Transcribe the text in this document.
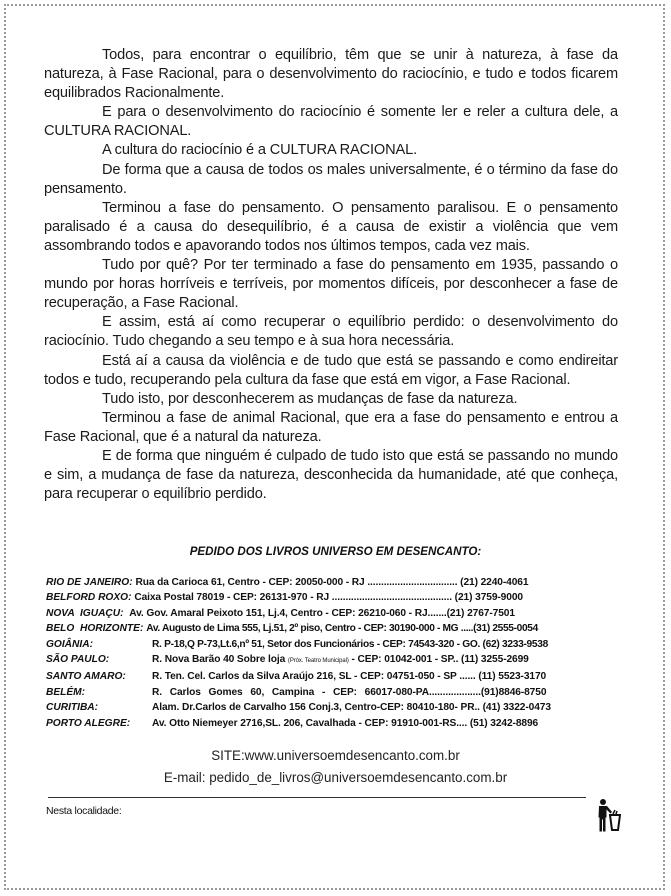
Todos, para encontrar o equilíbrio, têm que se unir à natureza, à fase da natureza, à Fase Racional, para o desenvolvimento do raciocínio, e tudo e todos ficarem equilibrados Racionalmente.

E para o desenvolvimento do raciocínio é somente ler e reler a cultura dele, a CULTURA RACIONAL.

A cultura do raciocínio é a CULTURA RACIONAL.

De forma que a causa de todos os males universalmente, é o término da fase do pensamento.

Terminou a fase do pensamento. O pensamento paralisou. E o pensamento paralisado é a causa do desequilíbrio, é a causa de existir a violência que vem assombrando todos e apavorando todos nos últimos tempos, cada vez mais.

Tudo por quê? Por ter terminado a fase do pensamento em 1935, passando o mundo por horas horríveis e terríveis, por momentos difíceis, por desconhecer a fase de recuperação, a Fase Racional.

E assim, está aí como recuperar o equilíbrio perdido: o desenvolvimento do raciocínio. Tudo chegando a seu tempo e à sua hora necessária.

Está aí a causa da violência e de tudo que está se passando e como endireitar todos e tudo, recuperando pela cultura da fase que está em vigor, a Fase Racional.

Tudo isto, por desconhecerem as mudanças de fase da natureza.

Terminou a fase de animal Racional, que era a fase do pensamento e entrou a Fase Racional, que é a natural da natureza.

E de forma que ninguém é culpado de tudo isto que está se passando no mundo e sim, a mudança de fase da natureza, desconhecida da humanidade, até que conheça, para recuperar o equilíbrio perdido.

PEDIDO DOS LIVROS UNIVERSO EM DESENCANTO:
RIO DE JANEIRO:
Rua da Carioca 61, Centro - CEP: 20050-000 - RJ ................................. (21) 2240-4061
BELFORD ROXO:
Caixa Postal 78019 - CEP: 26131-970 - RJ ............................................ (21) 3759-9000
NOVA  IGUAÇU:
Av. Gov. Amaral Peixoto 151, Lj.4, Centro - CEP: 26210-060 - RJ.......(21) 2767-7501
BELO  HORIZONTE:
Av. Augusto de Lima 555, Lj.51, 2º piso, Centro - CEP: 30190-000 - MG .....(31) 2555-0054
GOIÂNIA:	R. P-18,Q P-73,Lt.6,nº 51, Setor dos Funcionários - CEP: 74543-320 - GO. (62) 3233-9538
SÃO PAULO:	R. Nova Barão 40 Sobre loja (Próx. Teatro Municipal) - CEP: 01042-001 - SP.. (11) 3255-2699
SANTO AMARO:	R. Ten. Cel. Carlos da Silva Araújo 216, SL - CEP: 04751-050 - SP ...... (11) 5523-3170
BELÉM:	R. Carlos Gomes 60, Campina - CEP: 66017-080-PA...................(91)8846-8750
CURITIBA:	Alam. Dr.Carlos de Carvalho 156 Conj.3, Centro-CEP: 80410-180- PR.. (41) 3322-0473
PORTO ALEGRE:	Av. Otto Niemeyer 2716,SL. 206, Cavalhada - CEP: 91910-001-RS.... (51) 3242-8896
SITE:www.universoemdesencanto.com.br
E-mail: pedido_de_livros@universoemdesencanto.com.br
Nesta localidade:
